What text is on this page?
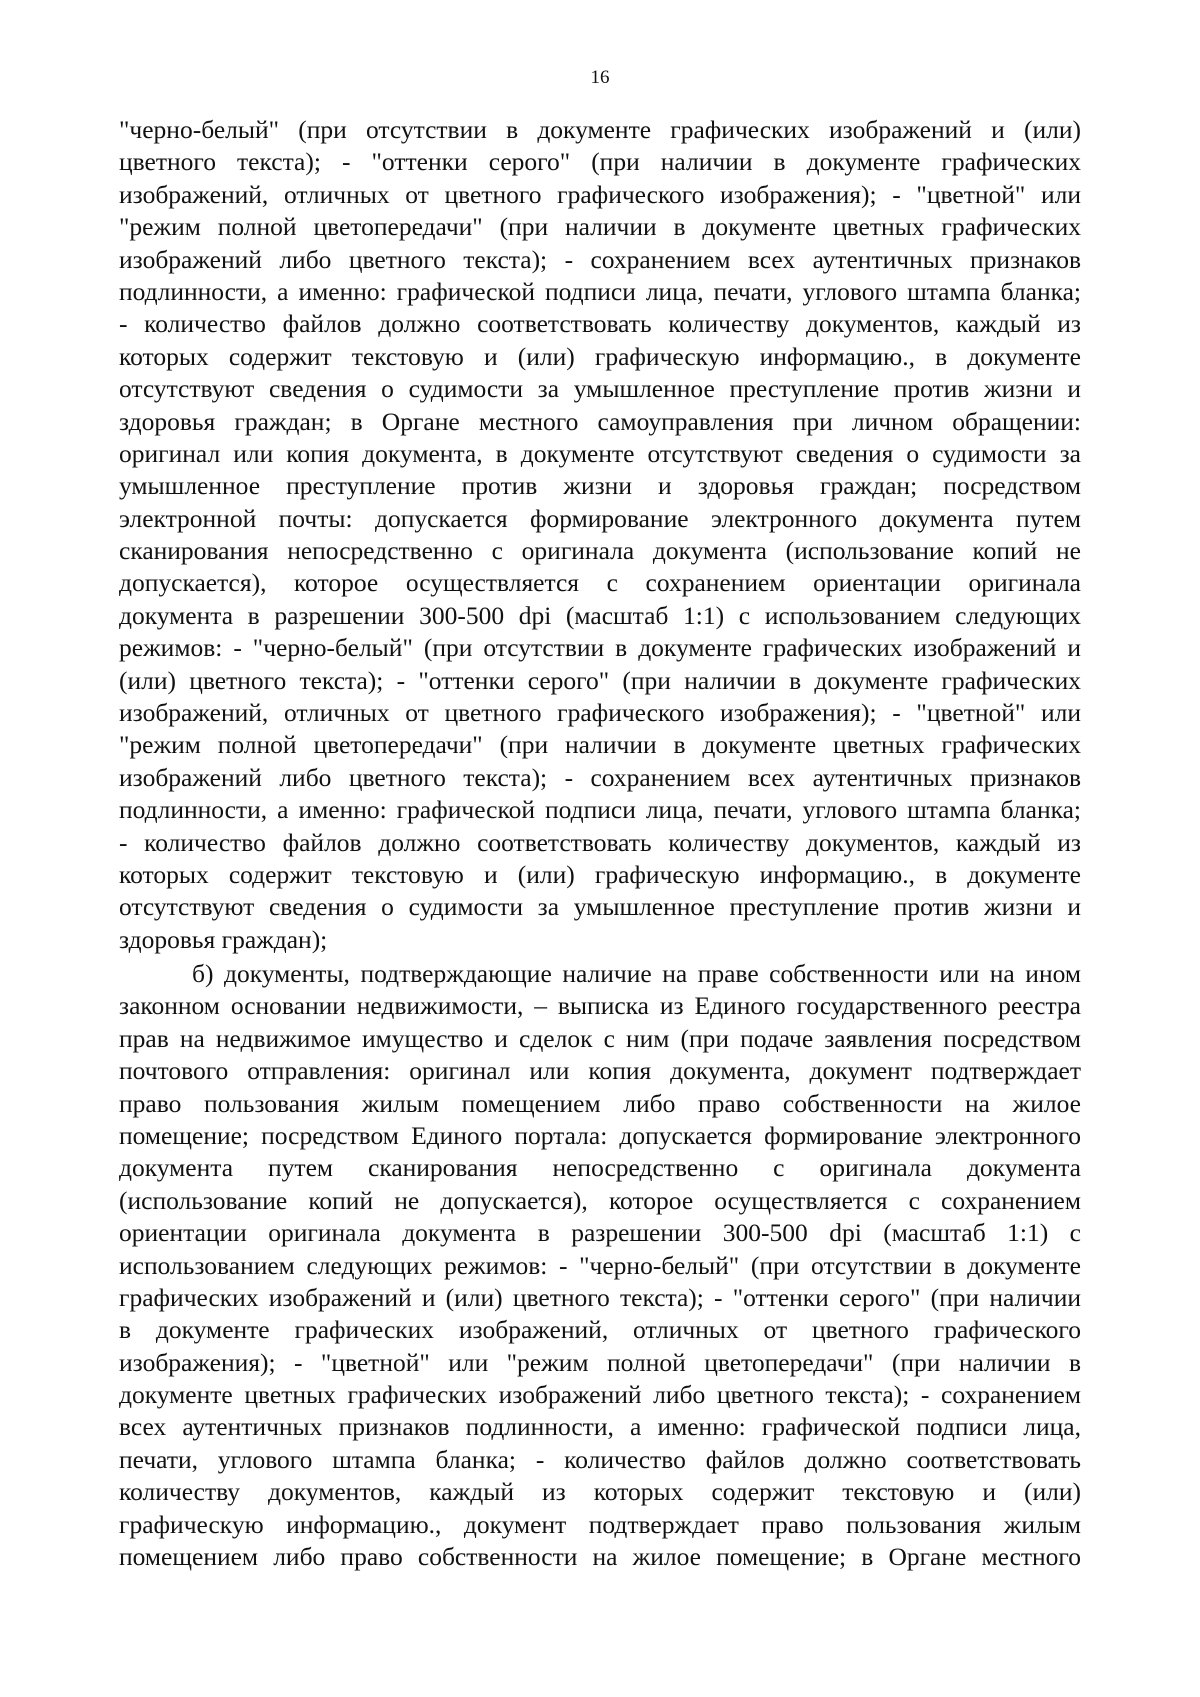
16
"черно-белый" (при отсутствии в документе графических изображений и (или)
цветного текста); - "оттенки серого" (при наличии в документе графических
изображений, отличных от цветного графического изображения); - "цветной" или
"режим полной цветопередачи" (при наличии в документе цветных графических
изображений либо цветного текста); - сохранением всех аутентичных признаков
подлинности, а именно: графической подписи лица, печати, углового штампа бланка;
- количество файлов должно соответствовать количеству документов, каждый из
которых содержит текстовую и (или) графическую информацию., в документе
отсутствуют сведения о судимости за умышленное преступление против жизни и
здоровья граждан; в Органе местного самоуправления при личном обращении:
оригинал или копия документа, в документе отсутствуют сведения о судимости за
умышленное преступление против жизни и здоровья граждан; посредством
электронной почты: допускается формирование электронного документа путем
сканирования непосредственно с оригинала документа (использование копий не
допускается), которое осуществляется с сохранением ориентации оригинала
документа в разрешении 300-500 dpi (масштаб 1:1) с использованием следующих
режимов: - "черно-белый" (при отсутствии в документе графических изображений и
(или) цветного текста); - "оттенки серого" (при наличии в документе графических
изображений, отличных от цветного графического изображения); - "цветной" или
"режим полной цветопередачи" (при наличии в документе цветных графических
изображений либо цветного текста); - сохранением всех аутентичных признаков
подлинности, а именно: графической подписи лица, печати, углового штампа бланка;
- количество файлов должно соответствовать количеству документов, каждый из
которых содержит текстовую и (или) графическую информацию., в документе
отсутствуют сведения о судимости за умышленное преступление против жизни и
здоровья граждан);
б) документы, подтверждающие наличие на праве собственности или на ином
законном основании недвижимости, – выписка из Единого государственного реестра
прав на недвижимое имущество и сделок с ним (при подаче заявления посредством
почтового отправления: оригинал или копия документа, документ подтверждает
право пользования жилым помещением либо право собственности на жилое
помещение; посредством Единого портала: допускается формирование электронного
документа путем сканирования непосредственно с оригинала документа
(использование копий не допускается), которое осуществляется с сохранением
ориентации оригинала документа в разрешении 300-500 dpi (масштаб 1:1) с
использованием следующих режимов: - "черно-белый" (при отсутствии в документе
графических изображений и (или) цветного текста); - "оттенки серого" (при наличии
в документе графических изображений, отличных от цветного графического
изображения); - "цветной" или "режим полной цветопередачи" (при наличии в
документе цветных графических изображений либо цветного текста); - сохранением
всех аутентичных признаков подлинности, а именно: графической подписи лица,
печати, углового штампа бланка; - количество файлов должно соответствовать
количеству документов, каждый из которых содержит текстовую и (или)
графическую информацию., документ подтверждает право пользования жилым
помещением либо право собственности на жилое помещение; в Органе местного
